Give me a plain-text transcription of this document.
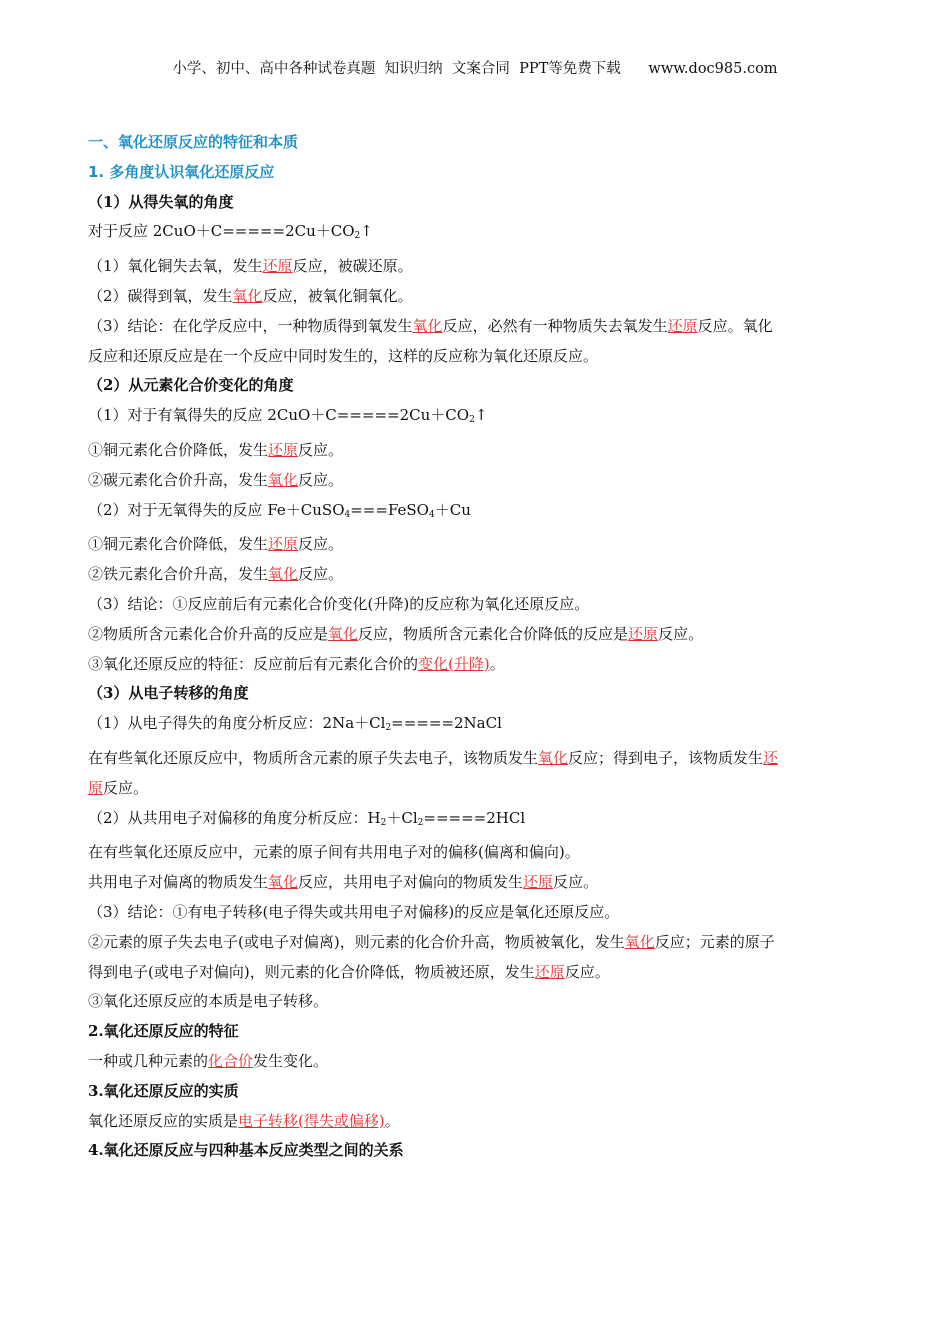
小学、初中、高中各种试卷真题  知识归纳  文案合同  PPT等免费下载      www.doc985.com
一、氧化还原反应的特征和本质
1. 多角度认识氧化还原反应
（1）从得失氧的角度
对于反应 $2CuO+C=====2Cu+CO_2↑$
（1）氧化铜失去氧，发生还原反应，被碳还原。
（2）碳得到氧，发生氧化反应，被氧化铜氧化。
（3）结论：在化学反应中，一种物质得到氧发生氧化反应，必然有一种物质失去氧发生还原反应。氧化
反应和还原反应是在一个反应中同时发生的，这样的反应称为氧化还原反应。
（2）从元素化合价变化的角度
（1）对于有氧得失的反应 $2CuO+C=====2Cu+CO_2↑$
①铜元素化合价降低，发生还原反应。
②碳元素化合价升高，发生氧化反应。
（2）对于无氧得失的反应 Fe＋CuSO$_4$===FeSO$_4$＋Cu
①铜元素化合价降低，发生还原反应。
②铁元素化合价升高，发生氧化反应。
（3）结论：①反应前后有元素化合价变化(升降)的反应称为氧化还原反应。
②物质所含元素化合价升高的反应是氧化反应，物质所含元素化合价降低的反应是还原反应。
③氧化还原反应的特征：反应前后有元素化合价的变化(升降)。
（3）从电子转移的角度
（1）从电子得失的角度分析反应：$2Na+Cl_2=====2NaCl$
在有些氧化还原反应中，物质所含元素的原子失去电子，该物质发生氧化反应；得到电子，该物质发生还
原反应。
（2）从共用电子对偏移的角度分析反应：$H_2+Cl_2=====2HCl$
在有些氧化还原反应中，元素的原子间有共用电子对的偏移(偏离和偏向)。
共用电子对偏离的物质发生氧化反应，共用电子对偏向的物质发生还原反应。
（3）结论：①有电子转移(电子得失或共用电子对偏移)的反应是氧化还原反应。
②元素的原子失去电子(或电子对偏离)，则元素的化合价升高，物质被氧化，发生氧化反应；元素的原子
得到电子(或电子对偏向)，则元素的化合价降低，物质被还原，发生还原反应。
③氧化还原反应的本质是电子转移。
2.氧化还原反应的特征
一种或几种元素的化合价发生变化。
3.氧化还原反应的实质
氧化还原反应的实质是电子转移(得失或偏移)。
4.氧化还原反应与四种基本反应类型之间的关系
